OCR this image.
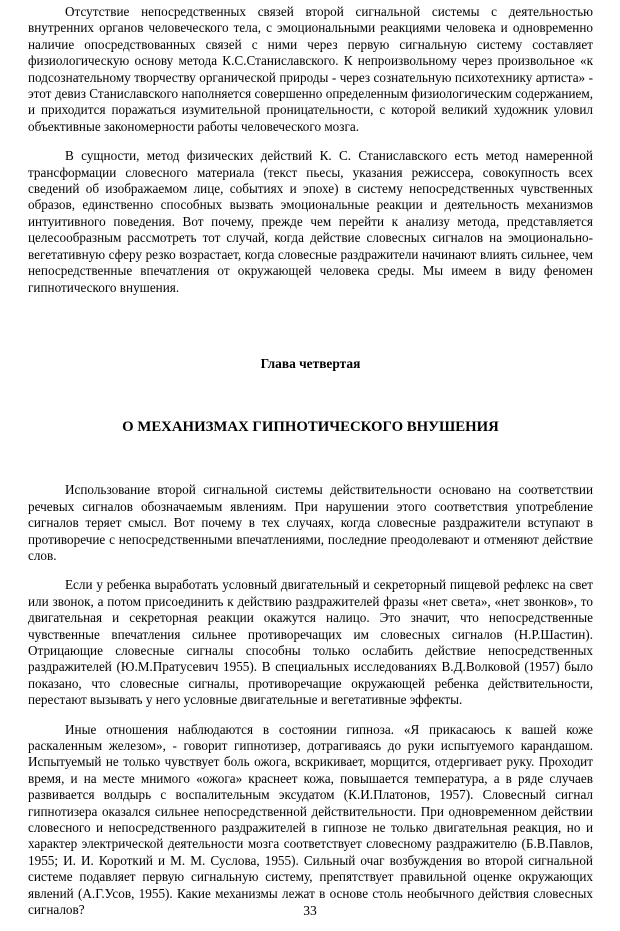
Отсутствие непосредственных связей второй сигнальной системы с деятельностью внутренних органов человеческого тела, с эмоциональными реакциями человека и одновременно наличие опосредствованных связей с ними через первую сигнальную систему составляет физиологическую основу метода К.С.Станиславского. К непроизвольному через произвольное «к подсознательному творчеству органической природы - через сознательную психотехнику артиста» - этот девиз Станиславского наполняется совершенно определенным физиологическим содержанием, и приходится поражаться изумительной проницательности, с которой великий художник уловил объективные закономерности работы человеческого мозга.

В сущности, метод физических действий К. С. Станиславского есть метод намеренной трансформации словесного материала (текст пьесы, указания режиссера, совокупность всех сведений об изображаемом лице, событиях и эпохе) в систему непосредственных чувственных образов, единственно способных вызвать эмоциональные реакции и деятельность механизмов интуитивного поведения. Вот почему, прежде чем перейти к анализу метода, представляется целесообразным рассмотреть тот случай, когда действие словесных сигналов на эмоционально-вегетативную сферу резко возрастает, когда словесные раздражители начинают влиять сильнее, чем непосредственные впечатления от окружающей человека среды. Мы имеем в виду феномен гипнотического внушения.

Глава четвертая
О МЕХАНИЗМАХ ГИПНОТИЧЕСКОГО ВНУШЕНИЯ

Использование второй сигнальной системы действительности основано на соответствии речевых сигналов обозначаемым явлениям. При нарушении этого соответствия употребление сигналов теряет смысл. Вот почему в тех случаях, когда словесные раздражители вступают в противоречие с непосредственными впечатлениями, последние преодолевают и отменяют действие слов.

Если у ребенка выработать условный двигательный и секреторный пищевой рефлекс на свет или звонок, а потом присоединить к действию раздражителей фразы «нет света», «нет звонков», то двигательная и секреторная реакции окажутся налицо. Это значит, что непосредственные чувственные впечатления сильнее противоречащих им словесных сигналов (Н.Р.Шастин). Отрицающие словесные сигналы способны только ослабить действие непосредственных раздражителей (Ю.М.Пратусевич 1955). В специальных исследованиях В.Д.Волковой (1957) было показано, что словесные сигналы, противоречащие окружающей ребенка действительности, перестают вызывать у него условные двигательные и вегетативные эффекты.

Иные отношения наблюдаются в состоянии гипноза. «Я прикасаюсь к вашей коже раскаленным железом», - говорит гипнотизер, дотрагиваясь до руки испытуемого карандашом. Испытуемый не только чувствует боль ожога, вскрикивает, морщится, отдергивает руку. Проходит время, и на месте мнимого «ожога» краснеет кожа, повышается температура, а в ряде случаев развивается волдырь с воспалительным эксудатом (К.И.Платонов, 1957). Словесный сигнал гипнотизера оказался сильнее непосредственной действительности. При одновременном действии словесного и непосредственного раздражителей в гипнозе не только двигательная реакция, но и характер электрической деятельности мозга соответствует словесному раздражителю (Б.В.Павлов, 1955; И. И. Короткий и М. М. Суслова, 1955). Сильный очаг возбуждения во второй сигнальной системе подавляет первую сигнальную систему, препятствует правильной оценке окружающих явлений (А.Г.Усов, 1955). Какие механизмы лежат в основе столь необычного действия словесных сигналов?	33
